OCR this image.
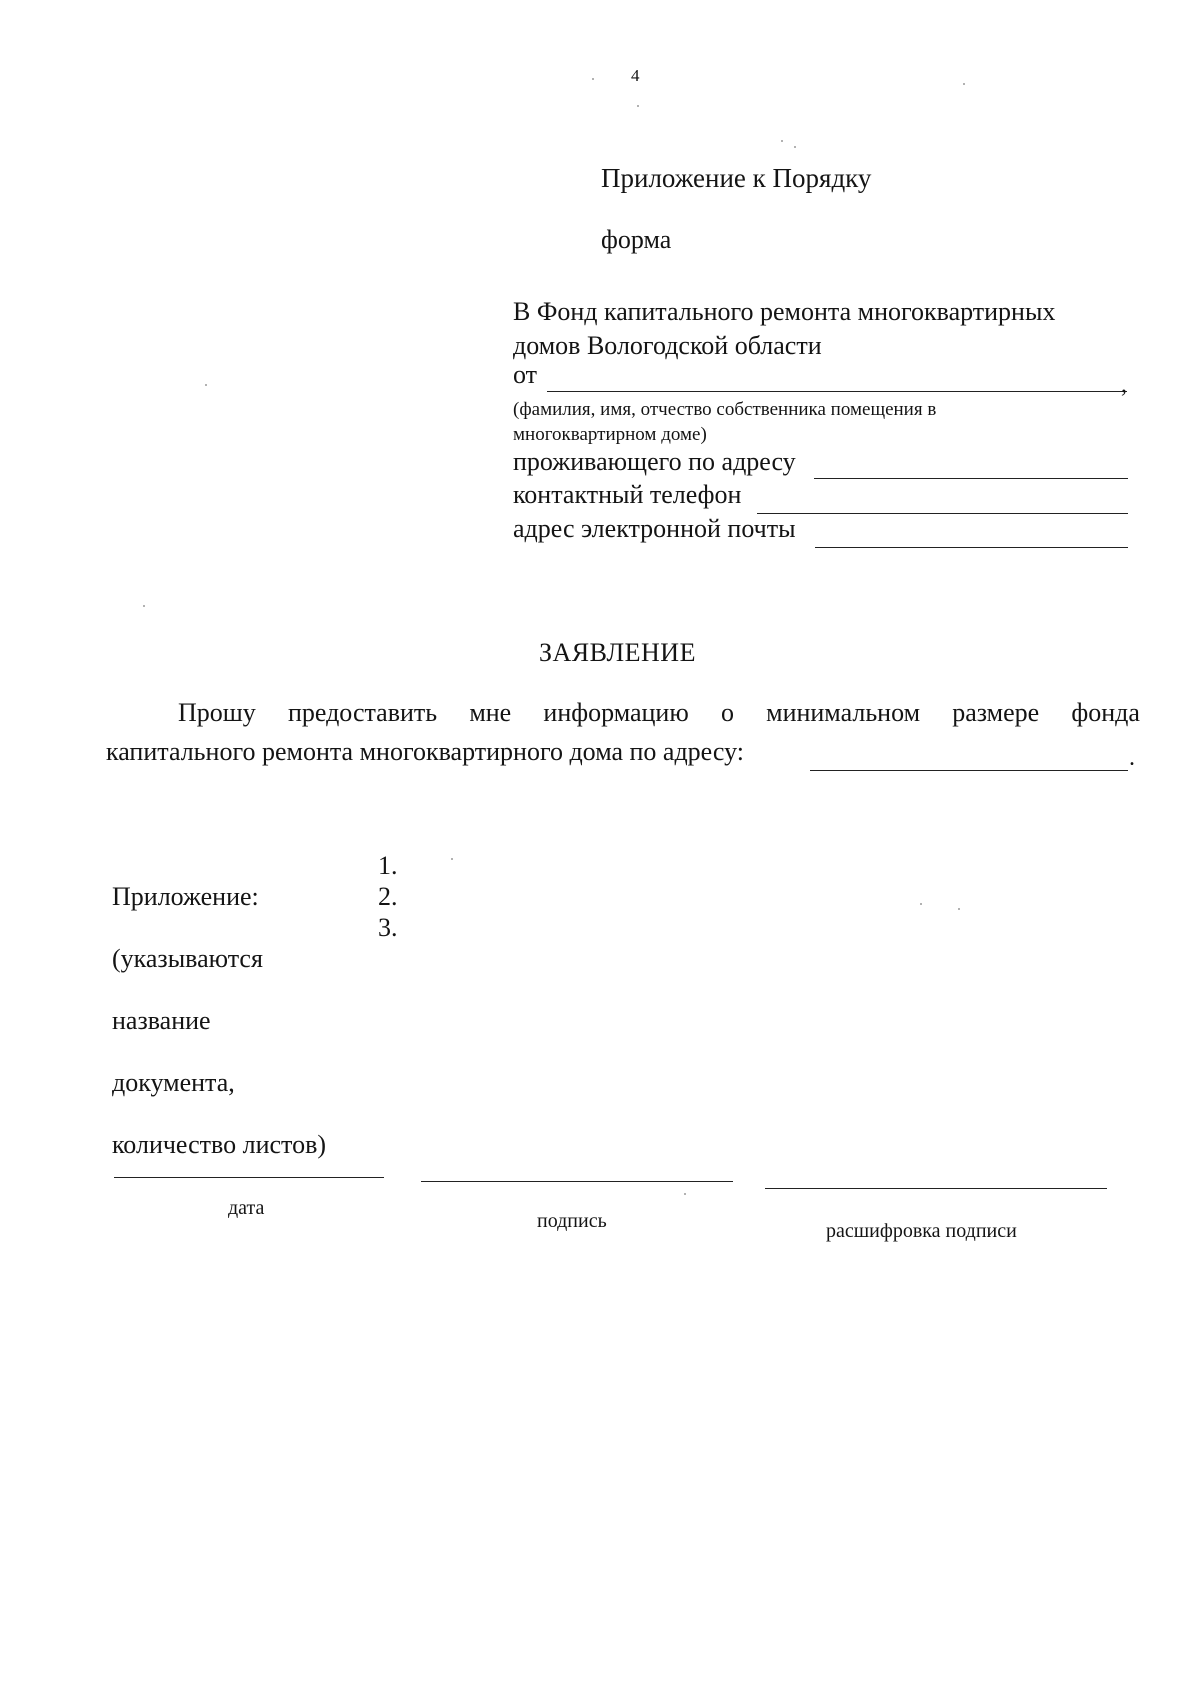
4
Приложение к Порядку
форма
В Фонд капитального ремонта многоквартирных
домов Вологодской области
от	,
(фамилия, имя, отчество собственника помещения в
многоквартирном доме)
проживающего по адресу
контактный телефон
адрес электронной почты
ЗАЯВЛЕНИЕ
Прошу предоставить мне информацию о минимальном размере фонда
капитального ремонта многоквартирного дома по адресу:	.

Приложение:

(указываются

название

документа,

количество листов)

1.
2.
3.
дата
подпись	расшифровка подписи
